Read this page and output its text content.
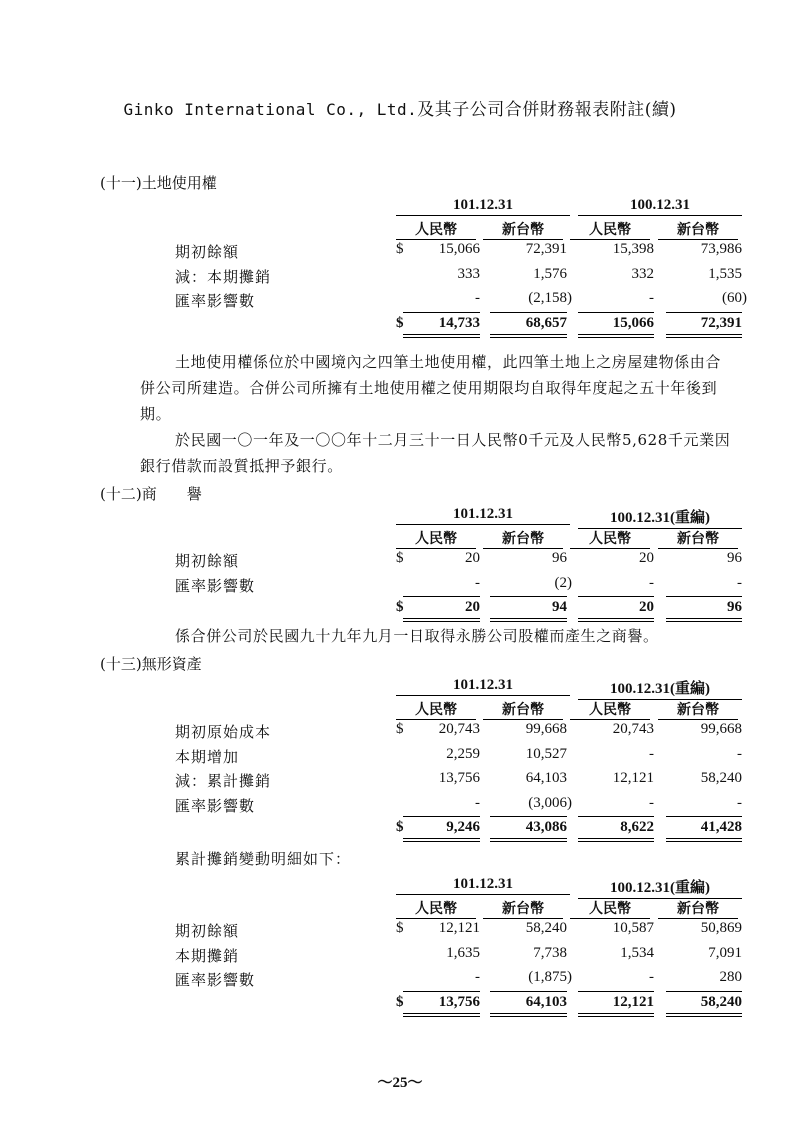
Ginko International Co., Ltd.及其子公司合併財務報表附註(續)
(十一)土地使用權
101.12.31	100.12.31
人民幣	新台幣	人民幣	新台幣
期初餘額	$	15,066	72,391	15,398	73,986
減：本期攤銷	333	1,576	332	1,535
匯率影響數	-	(2,158)	-	(60)
$	14,733	68,657	15,066	72,391
土地使用權係位於中國境內之四筆土地使用權，此四筆土地上之房屋建物係由合
併公司所建造。合併公司所擁有土地使用權之使用期限均自取得年度起之五十年後到
期。
於民國一〇一年及一〇〇年十二月三十一日人民幣0千元及人民幣5,628千元業因
銀行借款而設質抵押予銀行。
(十二)商　　譽
101.12.31	100.12.31(重編)
人民幣	新台幣	人民幣	新台幣
期初餘額	$	20	96	20	96
匯率影響數	-	(2)	-	-
$	20	94	20	96
係合併公司於民國九十九年九月一日取得永勝公司股權而產生之商譽。
(十三)無形資產
101.12.31	100.12.31(重編)
人民幣	新台幣	人民幣	新台幣
期初原始成本	$	20,743	99,668	20,743	99,668
本期增加	2,259	10,527	-	-
減：累計攤銷	13,756	64,103	12,121	58,240
匯率影響數	-	(3,006)	-	-
$	9,246	43,086	8,622	41,428
累計攤銷變動明細如下：
101.12.31	100.12.31(重編)
人民幣	新台幣	人民幣	新台幣
期初餘額	$	12,121	58,240	10,587	50,869
本期攤銷	1,635	7,738	1,534	7,091
匯率影響數	-	(1,875)	-	280
$	13,756	64,103	12,121	58,240
〜25〜
